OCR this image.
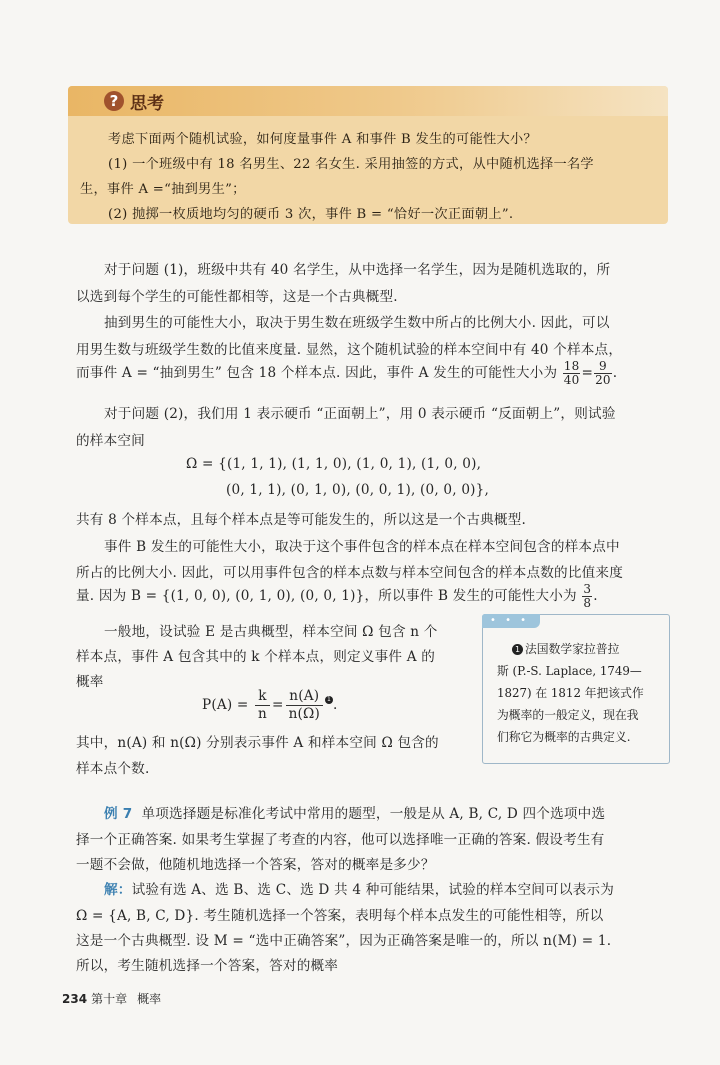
? 思考
考虑下面两个随机试验，如何度量事件 A 和事件 B 发生的可能性大小？
(1) 一个班级中有 18 名男生、22 名女生. 采用抽签的方式，从中随机选择一名学
生，事件 A =“抽到男生”；
(2) 抛掷一枚质地均匀的硬币 3 次，事件 B = “恰好一次正面朝上”.
对于问题 (1)，班级中共有 40 名学生，从中选择一名学生，因为是随机选取的，所
以选到每个学生的可能性都相等，这是一个古典概型.
抽到男生的可能性大小，取决于男生数在班级学生数中所占的比例大小. 因此，可以
用男生数与班级学生数的比值来度量. 显然，这个随机试验的样本空间中有 40 个样本点，
而事件 A = “抽到男生” 包含 18 个样本点. 因此，事件 A 发生的可能性大小为 $\frac{18}{40} = \frac{9}{20}$ .
对于问题 (2)，我们用 1 表示硬币 “正面朝上”，用 0 表示硬币 “反面朝上”，则试验
的样本空间
Ω = {(1, 1, 1), (1, 1, 0), (1, 0, 1), (1, 0, 0),
(0, 1, 1), (0, 1, 0), (0, 0, 1), (0, 0, 0)},
共有 8 个样本点，且每个样本点是等可能发生的，所以这是一个古典概型.
事件 B 发生的可能性大小，取决于这个事件包含的样本点在样本空间包含的样本点中
所占的比例大小. 因此，可以用事件包含的样本点数与样本空间包含的样本点数的比值来度
量. 因为 B = {(1, 0, 0), (0, 1, 0), (0, 0, 1)}，所以事件 B 发生的可能性大小为 $\frac{3}{8}$ .
一般地，设试验 E 是古典概型，样本空间 Ω 包含 n 个
样本点，事件 A 包含其中的 k 个样本点，则定义事件 A 的
概率
$P(A) = \frac{k}{n} = \frac{n(A)}{n(\Omega)} 1$ .
其中，n(A) 和 n(Ω) 分别表示事件 A 和样本空间 Ω 包含的
样本点个数.
• • •
1 法国数学家拉普拉
斯 (P.-S. Laplace, 1749—
1827) 在 1812 年把该式作
为概率的一般定义，现在我
们称它为概率的古典定义.
例 7 单项选择题是标准化考试中常用的题型，一般是从 A, B, C, D 四个选项中选
择一个正确答案. 如果考生掌握了考查的内容，他可以选择唯一正确的答案. 假设考生有
一题不会做，他随机地选择一个答案，答对的概率是多少？
解：试验有选 A、选 B、选 C、选 D 共 4 种可能结果，试验的样本空间可以表示为
Ω = {A, B, C, D}. 考生随机选择一个答案，表明每个样本点发生的可能性相等，所以
这是一个古典概型. 设 M = “选中正确答案”，因为正确答案是唯一的，所以 n(M) = 1.
所以，考生随机选择一个答案，答对的概率
234 第十章 概率
